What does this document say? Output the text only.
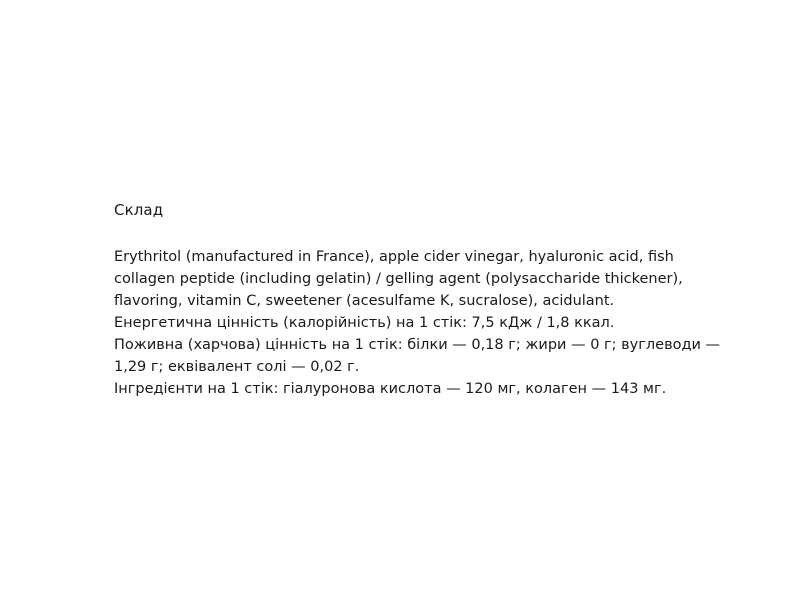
Склад

Erythritol (manufactured in France), apple cider vinegar, hyaluronic acid, fish
collagen peptide (including gelatin) / gelling agent (polysaccharide thickener),
flavoring, vitamin C, sweetener (acesulfame K, sucralose), acidulant.
Енергетична цінність (калорійність) на 1 стік: 7,5 кДж / 1,8 ккал.
Поживна (харчова) цінність на 1 стік: білки — 0,18 г; жири — 0 г; вуглеводи —
1,29 г; еквівалент солі — 0,02 г.
Інгредієнти на 1 стік: гіалуронова кислота — 120 мг, колаген — 143 мг.
